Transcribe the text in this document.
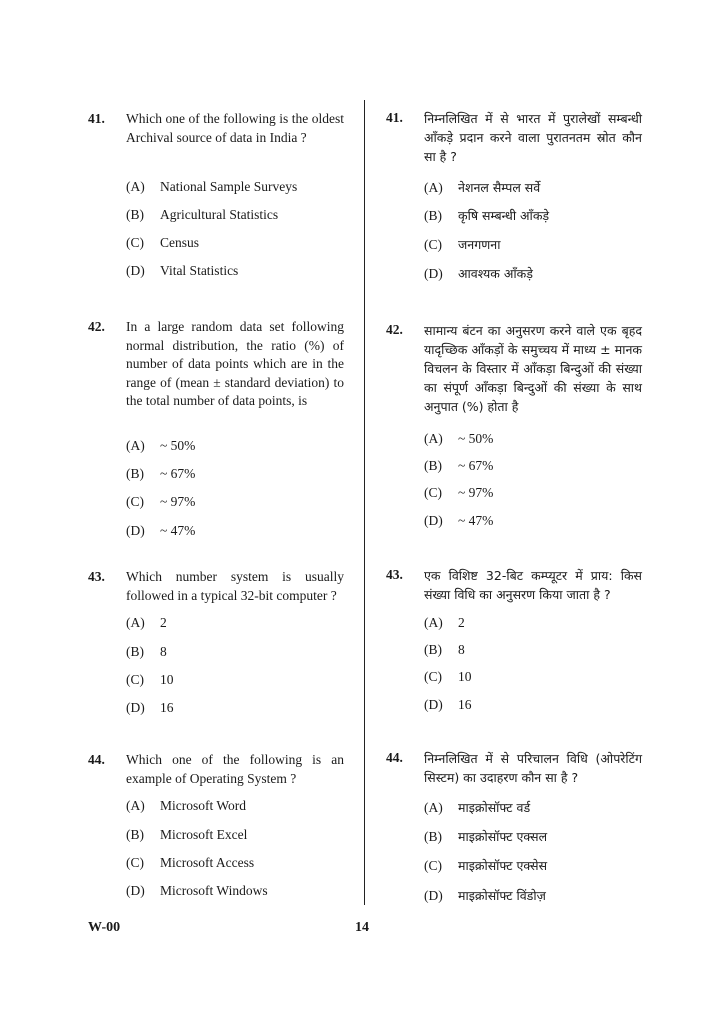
41. Which one of the following is the oldest Archival source of data in India ?
(A) National Sample Surveys
(B) Agricultural Statistics
(C) Census
(D) Vital Statistics
42. In a large random data set following normal distribution, the ratio (%) of number of data points which are in the range of (mean ± standard deviation) to the total number of data points, is
(A) ~ 50%
(B) ~ 67%
(C) ~ 97%
(D) ~ 47%
43. Which number system is usually followed in a typical 32-bit computer ?
(A) 2
(B) 8
(C) 10
(D) 16
44. Which one of the following is an example of Operating System ?
(A) Microsoft Word
(B) Microsoft Excel
(C) Microsoft Access
(D) Microsoft Windows
41. निम्नलिखित में से भारत में पुरालेखों सम्बन्धी आँकड़े प्रदान करने वाला पुरातनतम स्रोत कौन सा है ?
(A) नेशनल सैम्पल सर्वे
(B) कृषि सम्बन्धी आँकड़े
(C) जनगणना
(D) आवश्यक आँकड़े
42. सामान्य बंटन का अनुसरण करने वाले एक बृहद यादृच्छिक आँकड़ों के समुच्चय में माध्य ± मानक विचलन के विस्तार में आँकड़ा बिन्दुओं की संख्या का संपूर्ण आँकड़ा बिन्दुओं की संख्या के साथ अनुपात (%) होता है
(A) ~ 50%
(B) ~ 67%
(C) ~ 97%
(D) ~ 47%
43. एक विशिष्ट 32-बिट कम्प्यूटर में प्राय: किस संख्या विधि का अनुसरण किया जाता है ?
(A) 2
(B) 8
(C) 10
(D) 16
44. निम्नलिखित में से परिचालन विधि (ओपरेटिंग सिस्टम) का उदाहरण कौन सा है ?
(A) माइक्रोसॉफ्ट वर्ड
(B) माइक्रोसॉफ्ट एक्सल
(C) माइक्रोसॉफ्ट एक्सेस
(D) माइक्रोसॉफ्ट विंडोज़
W-00	14
